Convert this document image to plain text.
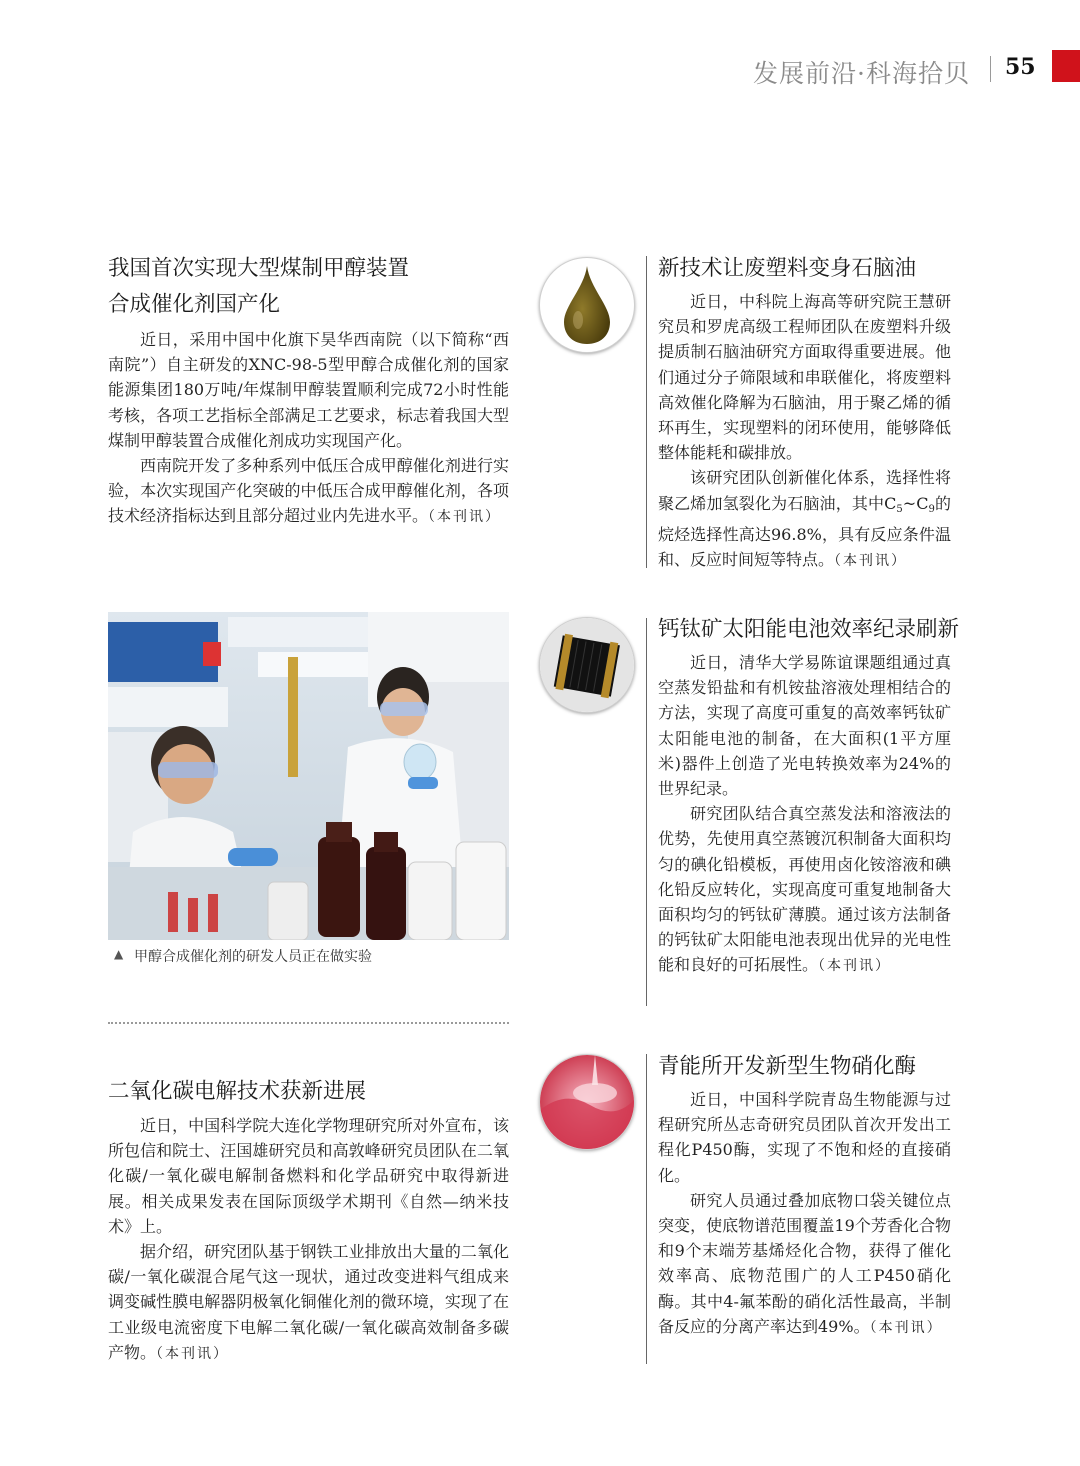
发展前沿·科海拾贝 55
我国首次实现大型煤制甲醇装置
合成催化剂国产化

近日，采用中国中化旗下昊华西南院（以下简称“西南院”）自主研发的XNC-98-5型甲醇合成催化剂的国家能源集团180万吨/年煤制甲醇装置顺利完成72小时性能考核，各项工艺指标全部满足工艺要求，标志着我国大型煤制甲醇装置合成催化剂成功实现国产化。

西南院开发了多种系列中低压合成甲醇催化剂进行实验，本次实现国产化突破的中低压合成甲醇催化剂，各项技术经济指标达到且部分超过业内先进水平。（本刊讯）

▲ 甲醇合成催化剂的研发人员正在做实验
二氧化碳电解技术获新进展

近日，中国科学院大连化学物理研究所对外宣布，该所包信和院士、汪国雄研究员和高敦峰研究员团队在二氧化碳/一氧化碳电解制备燃料和化学品研究中取得新进展。相关成果发表在国际顶级学术期刊《自然—纳米技术》上。

据介绍，研究团队基于钢铁工业排放出大量的二氧化碳/一氧化碳混合尾气这一现状，通过改变进料气组成来调变碱性膜电解器阴极氧化铜催化剂的微环境，实现了在工业级电流密度下电解二氧化碳/一氧化碳高效制备多碳产物。（本刊讯）

新技术让废塑料变身石脑油

近日，中科院上海高等研究院王慧研究员和罗虎高级工程师团队在废塑料升级提质制石脑油研究方面取得重要进展。他们通过分子筛限域和串联催化，将废塑料高效催化降解为石脑油，用于聚乙烯的循环再生，实现塑料的闭环使用，能够降低整体能耗和碳排放。

该研究团队创新催化体系，选择性将聚乙烯加氢裂化为石脑油，其中$C_5\sim C_9$的烷烃选择性高达96.8%，具有反应条件温和、反应时间短等特点。（本刊讯）

钙钛矿太阳能电池效率纪录刷新

近日，清华大学易陈谊课题组通过真空蒸发铅盐和有机铵盐溶液处理相结合的方法，实现了高度可重复的高效率钙钛矿太阳能电池的制备，在大面积(1平方厘米)器件上创造了光电转换效率为24%的世界纪录。

研究团队结合真空蒸发法和溶液法的优势，先使用真空蒸镀沉积制备大面积均匀的碘化铅模板，再使用卤化铵溶液和碘化铅反应转化，实现高度可重复地制备大面积均匀的钙钛矿薄膜。通过该方法制备的钙钛矿太阳能电池表现出优异的光电性能和良好的可拓展性。（本刊讯）

青能所开发新型生物硝化酶

近日，中国科学院青岛生物能源与过程研究所丛志奇研究员团队首次开发出工程化P450酶，实现了不饱和烃的直接硝化。

研究人员通过叠加底物口袋关键位点突变，使底物谱范围覆盖19个芳香化合物和9个末端芳基烯烃化合物，获得了催化效率高、底物范围广的人工P450硝化酶。其中4-氟苯酚的硝化活性最高，半制备反应的分离产率达到49%。（本刊讯）
